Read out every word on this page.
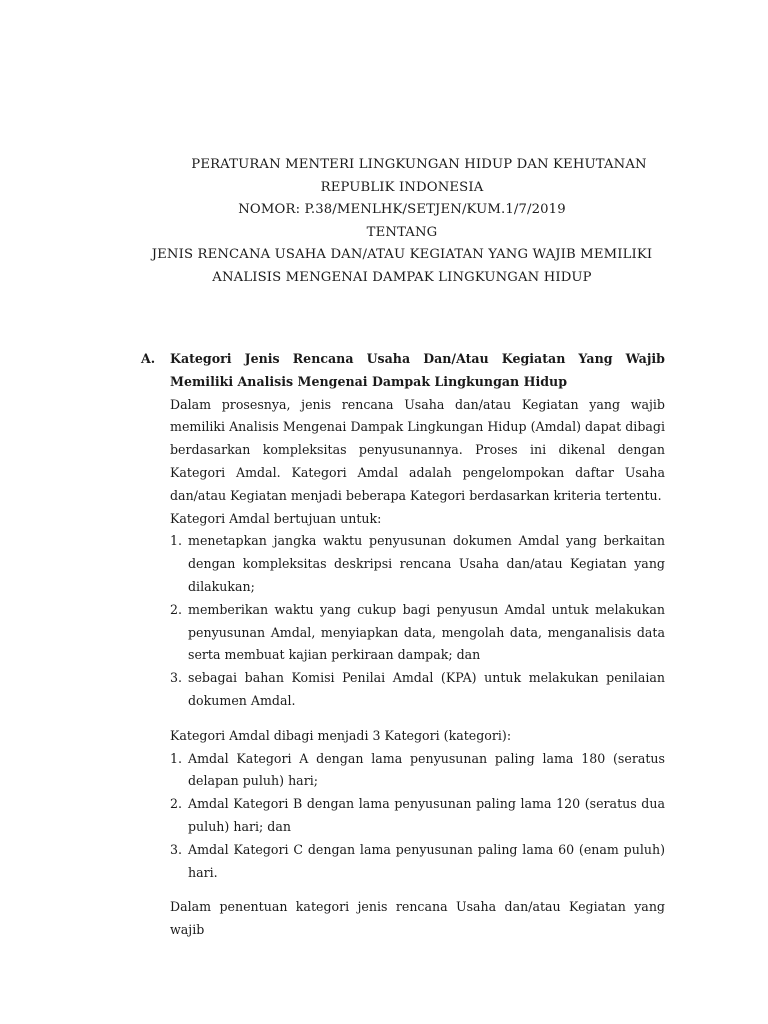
PERATURAN MENTERI LINGKUNGAN HIDUP DAN KEHUTANAN
REPUBLIK INDONESIA
NOMOR: P.38/MENLHK/SETJEN/KUM.1/7/2019
TENTANG
JENIS RENCANA USAHA DAN/ATAU KEGIATAN YANG WAJIB MEMILIKI
ANALISIS MENGENAI DAMPAK LINGKUNGAN HIDUP
A.	Kategori Jenis Rencana Usaha Dan/Atau Kegiatan Yang Wajib Memiliki Analisis Mengenai Dampak Lingkungan Hidup

Dalam prosesnya, jenis rencana Usaha dan/atau Kegiatan yang wajib memiliki Analisis Mengenai Dampak Lingkungan Hidup (Amdal) dapat dibagi berdasarkan kompleksitas penyusunannya. Proses ini dikenal dengan Kategori Amdal. Kategori Amdal adalah pengelompokan daftar Usaha dan/atau Kegiatan menjadi beberapa Kategori berdasarkan kriteria tertentu.

Kategori Amdal bertujuan untuk:

1. menetapkan jangka waktu penyusunan dokumen Amdal yang berkaitan dengan kompleksitas deskripsi rencana Usaha dan/atau Kegiatan yang dilakukan;
2. memberikan waktu yang cukup bagi penyusun Amdal untuk melakukan penyusunan Amdal, menyiapkan data, mengolah data, menganalisis data serta membuat kajian perkiraan dampak; dan
3. sebagai bahan Komisi Penilai Amdal (KPA) untuk melakukan penilaian dokumen Amdal.

Kategori Amdal dibagi menjadi 3 Kategori (kategori):

1. Amdal Kategori A dengan lama penyusunan paling lama 180 (seratus delapan puluh) hari;
2. Amdal Kategori B dengan lama penyusunan paling lama 120 (seratus dua puluh) hari; dan
3. Amdal Kategori C dengan lama penyusunan paling lama 60 (enam puluh) hari.

Dalam penentuan kategori jenis rencana Usaha dan/atau Kegiatan yang wajib
